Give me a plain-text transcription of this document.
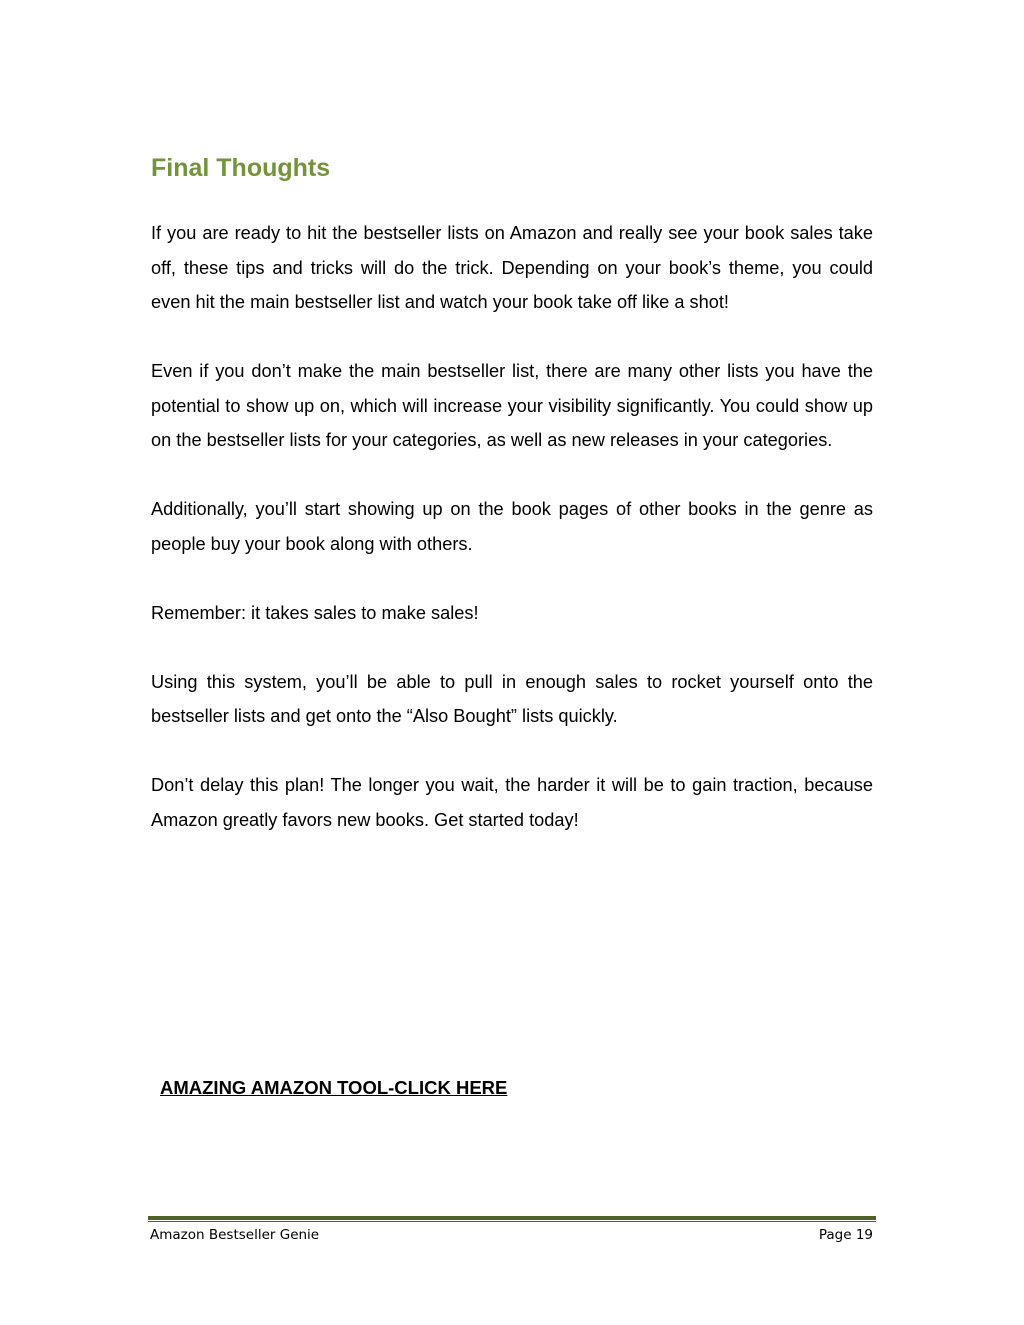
Final Thoughts

If you are ready to hit the bestseller lists on Amazon and really see your book sales take off, these tips and tricks will do the trick. Depending on your book’s theme, you could even hit the main bestseller list and watch your book take off like a shot!

Even if you don’t make the main bestseller list, there are many other lists you have the potential to show up on, which will increase your visibility significantly. You could show up on the bestseller lists for your categories, as well as new releases in your categories.

Additionally, you’ll start showing up on the book pages of other books in the genre as people buy your book along with others.

Remember: it takes sales to make sales!

Using this system, you’ll be able to pull in enough sales to rocket yourself onto the bestseller lists and get onto the “Also Bought” lists quickly.

Don’t delay this plan! The longer you wait, the harder it will be to gain traction, because Amazon greatly favors new books. Get started today!

AMAZING AMAZON TOOL-CLICK HERE
Amazon Bestseller Genie	Page 19
